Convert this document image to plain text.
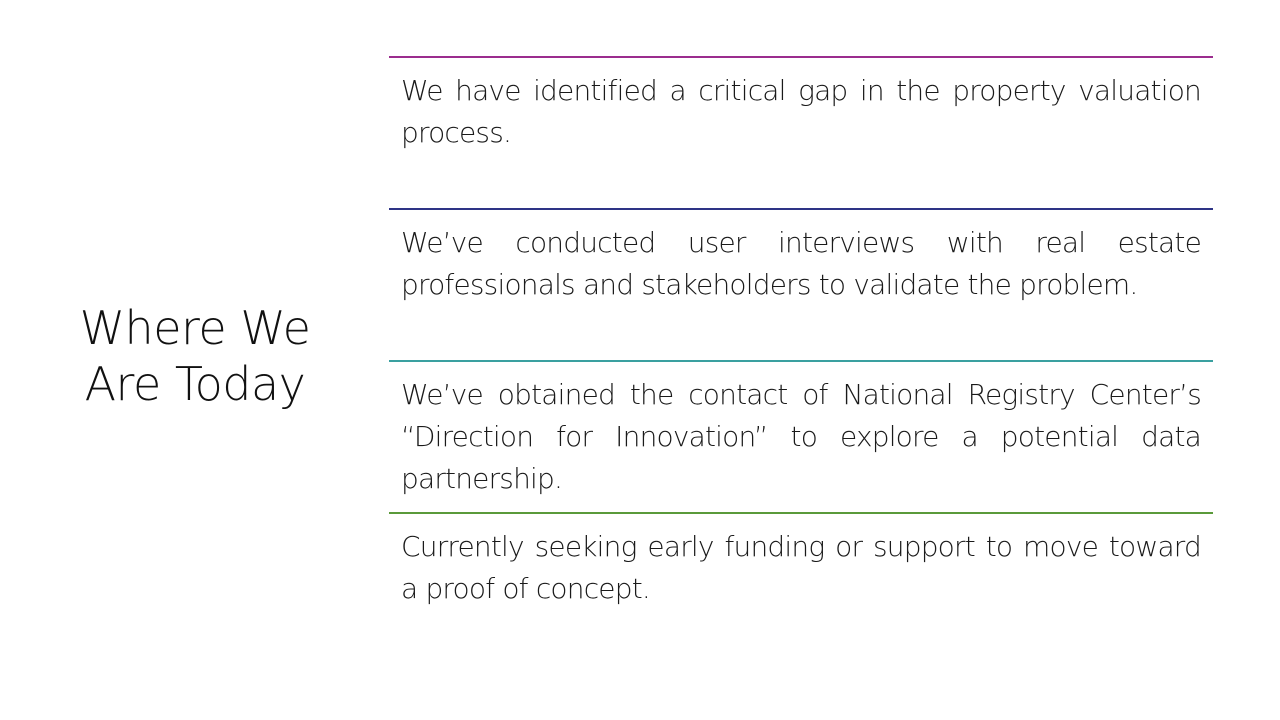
Where We Are Today
We have identified a critical gap in the property valuation process.
We’ve conducted user interviews with real estate professionals and stakeholders to validate the problem.
We’ve obtained the contact of National Registry Center’s “Direction for Innovation” to explore a potential data partnership.
Currently seeking early funding or support to move toward a proof of concept.
